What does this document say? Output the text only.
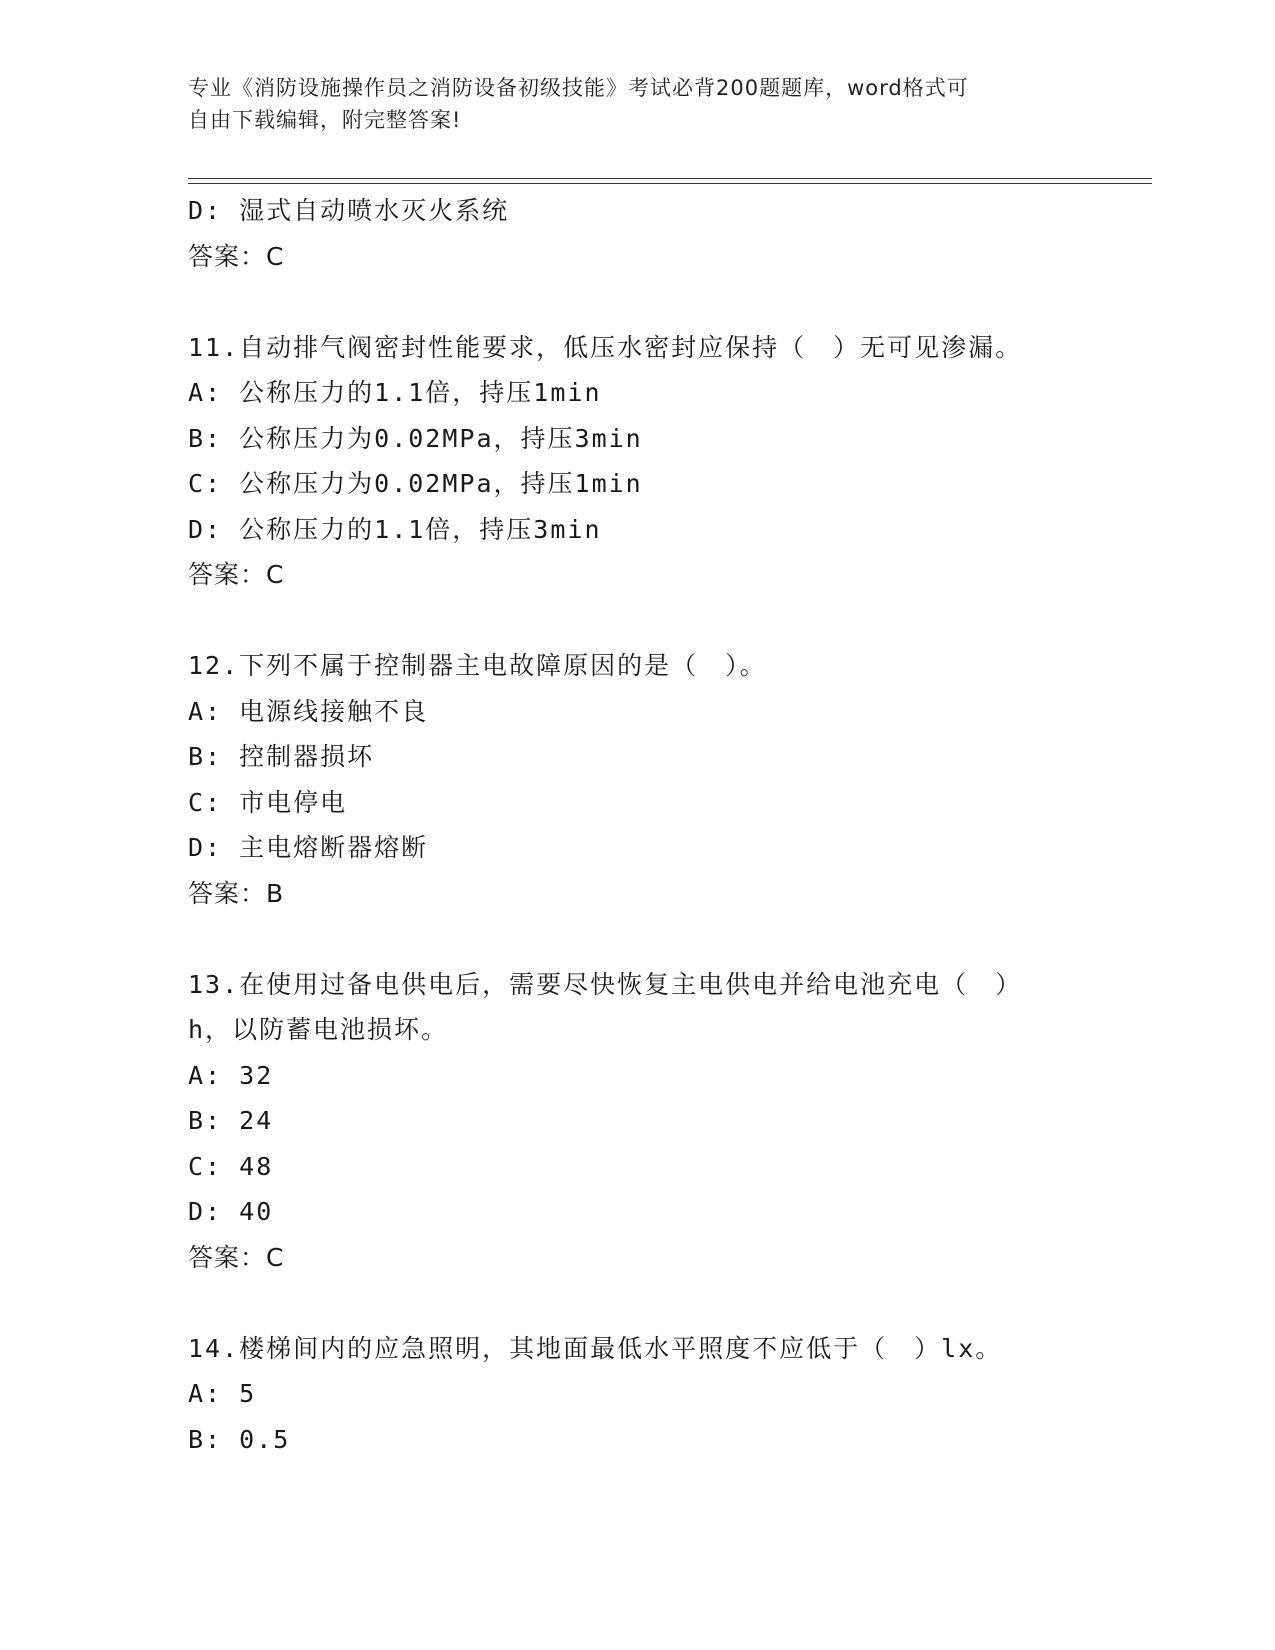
专业《消防设施操作员之消防设备初级技能》考试必背200题题库，word格式可
自由下载编辑，附完整答案!
D: 湿式自动喷水灭火系统
答案：C
11.自动排气阀密封性能要求，低压水密封应保持（　）无可见渗漏。
A: 公称压力的1.1倍，持压1min
B: 公称压力为0.02MPa，持压3min
C: 公称压力为0.02MPa，持压1min
D: 公称压力的1.1倍，持压3min
答案：C
12.下列不属于控制器主电故障原因的是（　）。
A: 电源线接触不良
B: 控制器损坏
C: 市电停电
D: 主电熔断器熔断
答案：B
13.在使用过备电供电后，需要尽快恢复主电供电并给电池充电（　）
h，以防蓄电池损坏。
A: 32
B: 24
C: 48
D: 40
答案：C
14.楼梯间内的应急照明，其地面最低水平照度不应低于（　）lx。
A: 5
B: 0.5
